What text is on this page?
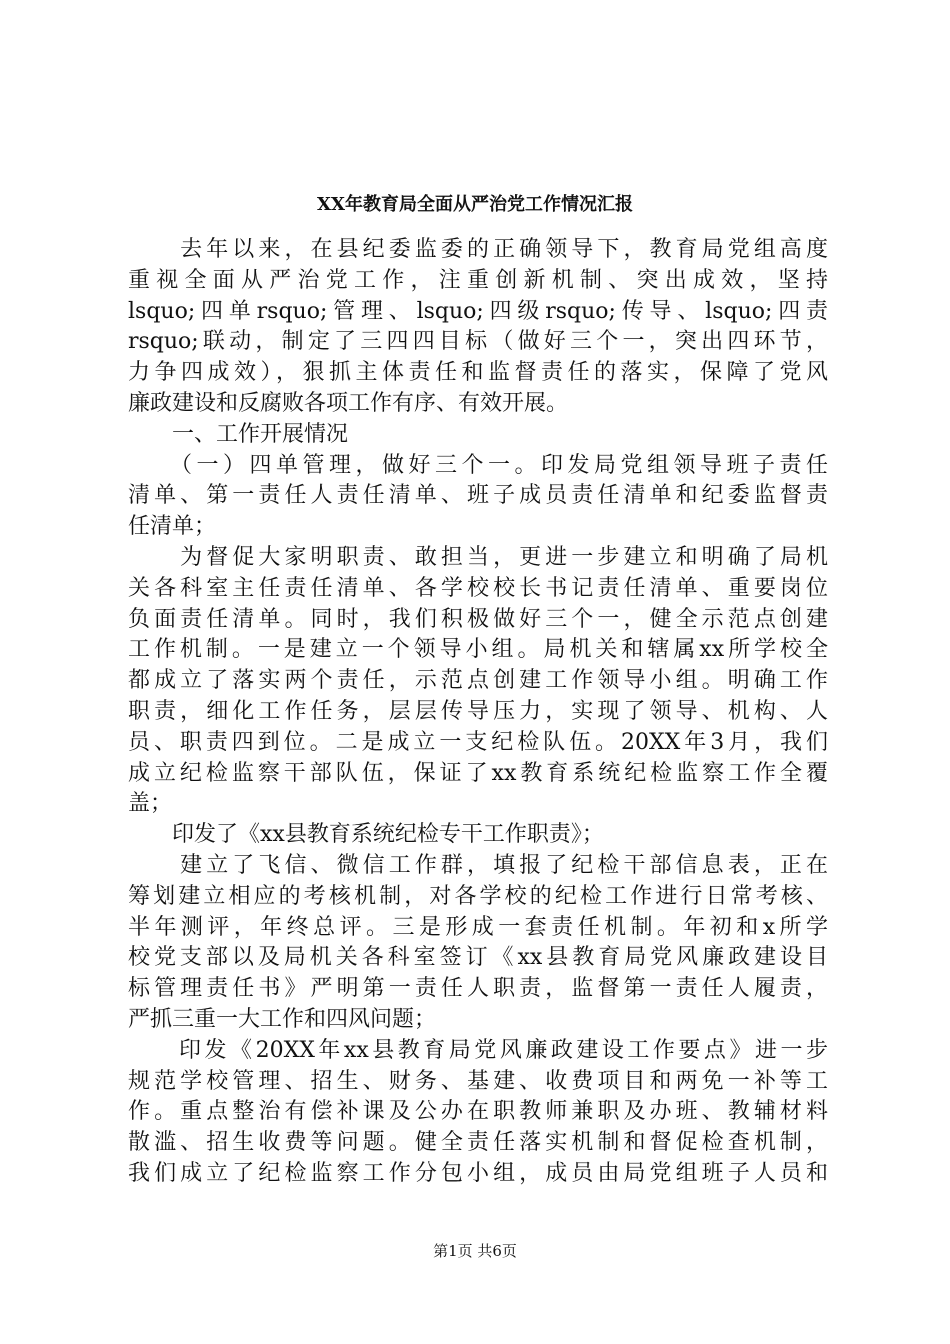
XX年教育局全面从严治党工作情况汇报
　　去年以来，在县纪委监委的正确领导下，教育局党组高度
重视全面从严治党工作，注重创新机制、突出成效，坚持
lsquo;四单rsquo;管理、lsquo;四级rsquo;传导、lsquo;四责
rsquo;联动，制定了三四四目标（做好三个一，突出四环节，
力争四成效），狠抓主体责任和监督责任的落实，保障了党风
廉政建设和反腐败各项工作有序、有效开展。
　　一、工作开展情况
　　（一）四单管理，做好三个一。印发局党组领导班子责任
清单、第一责任人责任清单、班子成员责任清单和纪委监督责
任清单；
　　为督促大家明职责、敢担当，更进一步建立和明确了局机
关各科室主任责任清单、各学校校长书记责任清单、重要岗位
负面责任清单。同时，我们积极做好三个一，健全示范点创建
工作机制。一是建立一个领导小组。局机关和辖属xx所学校全
都成立了落实两个责任，示范点创建工作领导小组。明确工作
职责，细化工作任务，层层传导压力，实现了领导、机构、人
员、职责四到位。二是成立一支纪检队伍。20XX年3月，我们
成立纪检监察干部队伍，保证了xx教育系统纪检监察工作全覆
盖；
　　印发了《xx县教育系统纪检专干工作职责》；
　　建立了飞信、微信工作群，填报了纪检干部信息表，正在
筹划建立相应的考核机制，对各学校的纪检工作进行日常考核、
半年测评，年终总评。三是形成一套责任机制。年初和x所学
校党支部以及局机关各科室签订《xx县教育局党风廉政建设目
标管理责任书》严明第一责任人职责，监督第一责任人履责，
严抓三重一大工作和四风问题；
　　印发《20XX年xx县教育局党风廉政建设工作要点》进一步
规范学校管理、招生、财务、基建、收费项目和两免一补等工
作。重点整治有偿补课及公办在职教师兼职及办班、教辅材料
散滥、招生收费等问题。健全责任落实机制和督促检查机制，
我们成立了纪检监察工作分包小组，成员由局党组班子人员和
第1页 共6页
